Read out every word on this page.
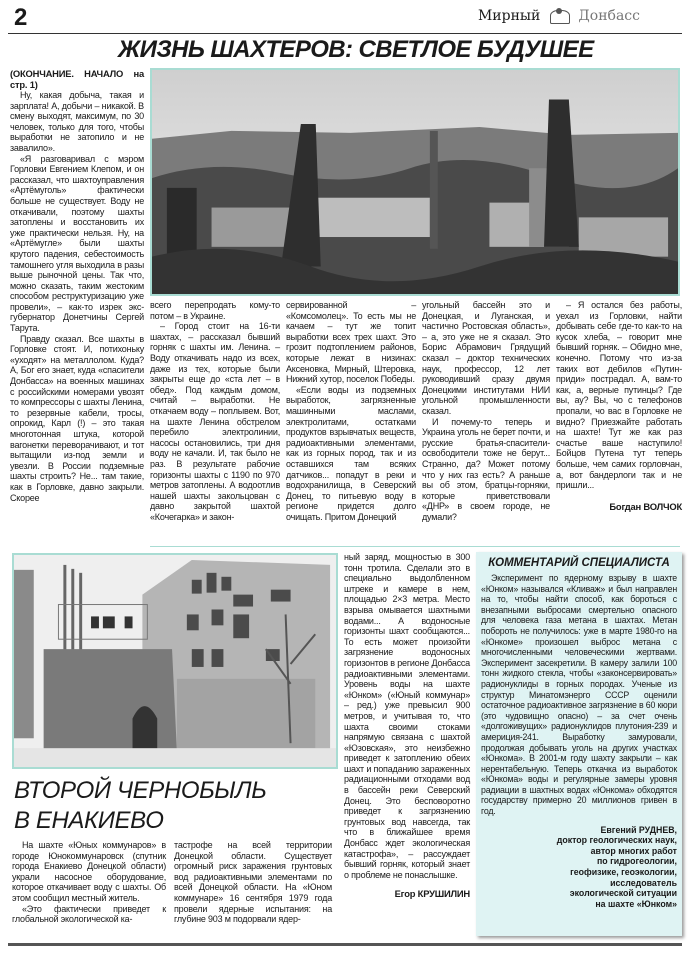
2	Мирный	Донбасс
ЖИЗНЬ ШАХТЕРОВ: СВЕТЛОЕ БУДУШЕЕ
(ОКОНЧАНИЕ. НАЧАЛО на стр. 1)

Ну, какая добыча, такая и зарплата! А, добычи – никакой. В смену выходят, максимум, по 30 человек, только для того, чтобы выработки не затопило и не завалило».

«Я разговаривал с мэром Горловки Евгением Клепом, и он рассказал, что шахтоуправления «Артёмуголь» фактически больше не существует. Воду не откачивали, поэтому шахты затоплены и восстановить их уже практически нельзя. Ну, на «Артёмугле» были шахты крутого падения, себестоимость тамошнего угля выходила в разы выше рыночной цены. Так что, можно сказать, таким жестоким способом реструктуризацию уже провели», – как-то изрек экс-губернатор Донетчины Сергей Тарута.

Правду сказал. Все шахты в Горловке стоят. И, потихоньку «уходят» на металлолом. Куда? А, Бог его знает, куда «спасители Донбасса» на военных машинах с российскими номерами увозят то компрессоры с шахты Ленина, то резервные кабели, тросы, опрокид, Карл (!) – это такая многотонная штука, которой вагонетки переворачивают, и тот вытащили из-под земли и увезли. В России подземные шахты строить? Не... там такие, как в Горловке, давно закрыли. Скорее

всего перепродать кому-то потом – в Украине.

– Город стоит на 16-ти шахтах, – рассказал бывший горняк с шахты им. Ленина. – Воду откачивать надо из всех, даже из тех, которые были закрыты еще до «ста лет – в обед». Под каждым домом, считай – выработки. Не откачаем воду – поплывем. Вот, на шахте Ленина обстрелом перебило электролинии, насосы остановились, три дня воду не качали. И, так было не раз. В результате рабочие горизонты шахты с 1190 по 970 метров затоплены. А водоотлив нашей шахты закольцован с давно закрытой шахтой «Кочегарка» и закон-

сервированной – «Комсомолец». То есть мы не качаем – тут же топит выработки всех трех шахт. Это грозит подтоплением районов, которые лежат в низинах: Аксеновка, Мирный, Штеровка, Нижний хутор, поселок Победы.

«Если воды из подземных выработок, загрязненные машинными маслами, электролитами, остатками продуктов взрывчатых веществ, радиоактивными элементами, как из горных пород, так и из оставшихся там всяких датчиков... попадут в реки и водохранилища, в Северский Донец, то питьевую воду в регионе придется долго очищать. Притом Донецкий

угольный бассейн это и Донецкая, и Луганская, и частично Ростовская область», – а, это уже не я сказал. Это Борис Абрамович Грядущий сказал – доктор технических наук, профессор, 12 лет руководивший сразу двумя Донецкими институтами НИИ угольной промышленности сказал.

И почему-то теперь и Украина уголь не берет почти, и русские братья-спасители-освободители тоже не берут... Странно, да? Может потому что у них газ есть? А раньше вы об этом, братцы-горняки, которые приветствовали «ДНР» в своем городе, не думали?

– Я остался без работы, уехал из Горловки, найти добывать себе где-то как-то на кусок хлеба, – говорит мне бывший горняк. – Обидно мне, конечно. Потому что из-за таких вот дебилов «Путин-приди» пострадал. А, вам-то как, а, верные путинцы? Где вы, ау? Вы, чо с телефонов пропали, чо вас в Горловке не видно? Приезжайте работать на шахте! Тут же как раз счастье ваше наступило! Бойцов Путена тут теперь больше, чем самих горловчан, а, вот бандерлоги так и не пришли...

Богдан ВОЛЧОК
ВТОРОЙ ЧЕРНОБЫЛЬ
В ЕНАКИЕВО

На шахте «Юных коммунаров» в городе Юнокоммунаровск (спутник города Енакиево Донецкой области) украли насосное оборудование, которое откачивает воду с шахты. Об этом сообщил местный житель.

«Это фактически приведет к глобальной экологической ка-

тастрофе на всей территории Донецкой области. Существует огромный риск заражения грунтовых вод радиоактивными элементами по всей Донецкой области. На «Юном коммунаре» 16 сентября 1979 года провели ядерные испытания: на глубине 903 м подорвали ядер-

ный заряд, мощностью в 300 тонн тротила. Сделали это в специально выдолбленном штреке и камере в нем, площадью 2×3 метра. Место взрыва омывается шахтными водами... А водоносные горизонты шахт сообщаются... То есть может произойти загрязнение водоносных горизонтов в регионе Донбасса радиоактивными элементами. Уровень воды на шахте «Юнком» («Юный коммунар» – ред.) уже превысил 900 метров, и учитывая то, что шахта своими стоками напрямую связана с шахтой «Юзовская», это неизбежно приведет к затоплению обеих шахт и попаданию зараженных радиационными отходами вод в бассейн реки Северский Донец. Это бесповоротно приведет к загрязнению грунтовых вод навсегда, так что в ближайшее время Донбасс ждет экологическая катастрофа», – рассуждает бывший горняк, который знает о проблеме не понаслышке.

Егор КРУШИЛИН
КОММЕНТАРИЙ СПЕЦИАЛИСТА

Эксперимент по ядерному взрыву в шахте «Юнком» назывался «Кливаж» и был направлен на то, чтобы найти способ, как бороться с внезапными выбросами смертельно опасного для человека газа метана в шахтах. Метан побороть не получилось: уже в марте 1980-го на «Юнкоме» произошел выброс метана с многочисленными человеческими жертвами. Эксперимент засекретили. В камеру залили 100 тонн жидкого стекла, чтобы «законсервировать» радионуклиды в горных породах. Ученые из структур Минатомэнерго СССР оценили остаточное радиоактивное загрязнение в 60 кюри (это чудовищно опасно) – за счет очень «долгоживущих» радионуклидов плутония-239 и америция-241. Выработку замуровали, продолжая добывать уголь на других участках «Юнкома». В 2001-м году шахту закрыли – как нерентабельную. Теперь откачка из выработок «Юнкома» воды и регулярные замеры уровня радиации в шахтных водах «Юнкома» обходятся государству примерно 20 миллионов гривен в год.

Евгений РУДНЕВ,
доктор геологических наук,
автор многих работ
по гидрогеологии,
геофизике, геоэкологии,
исследователь
экологической ситуации
на шахте «Юнком»
